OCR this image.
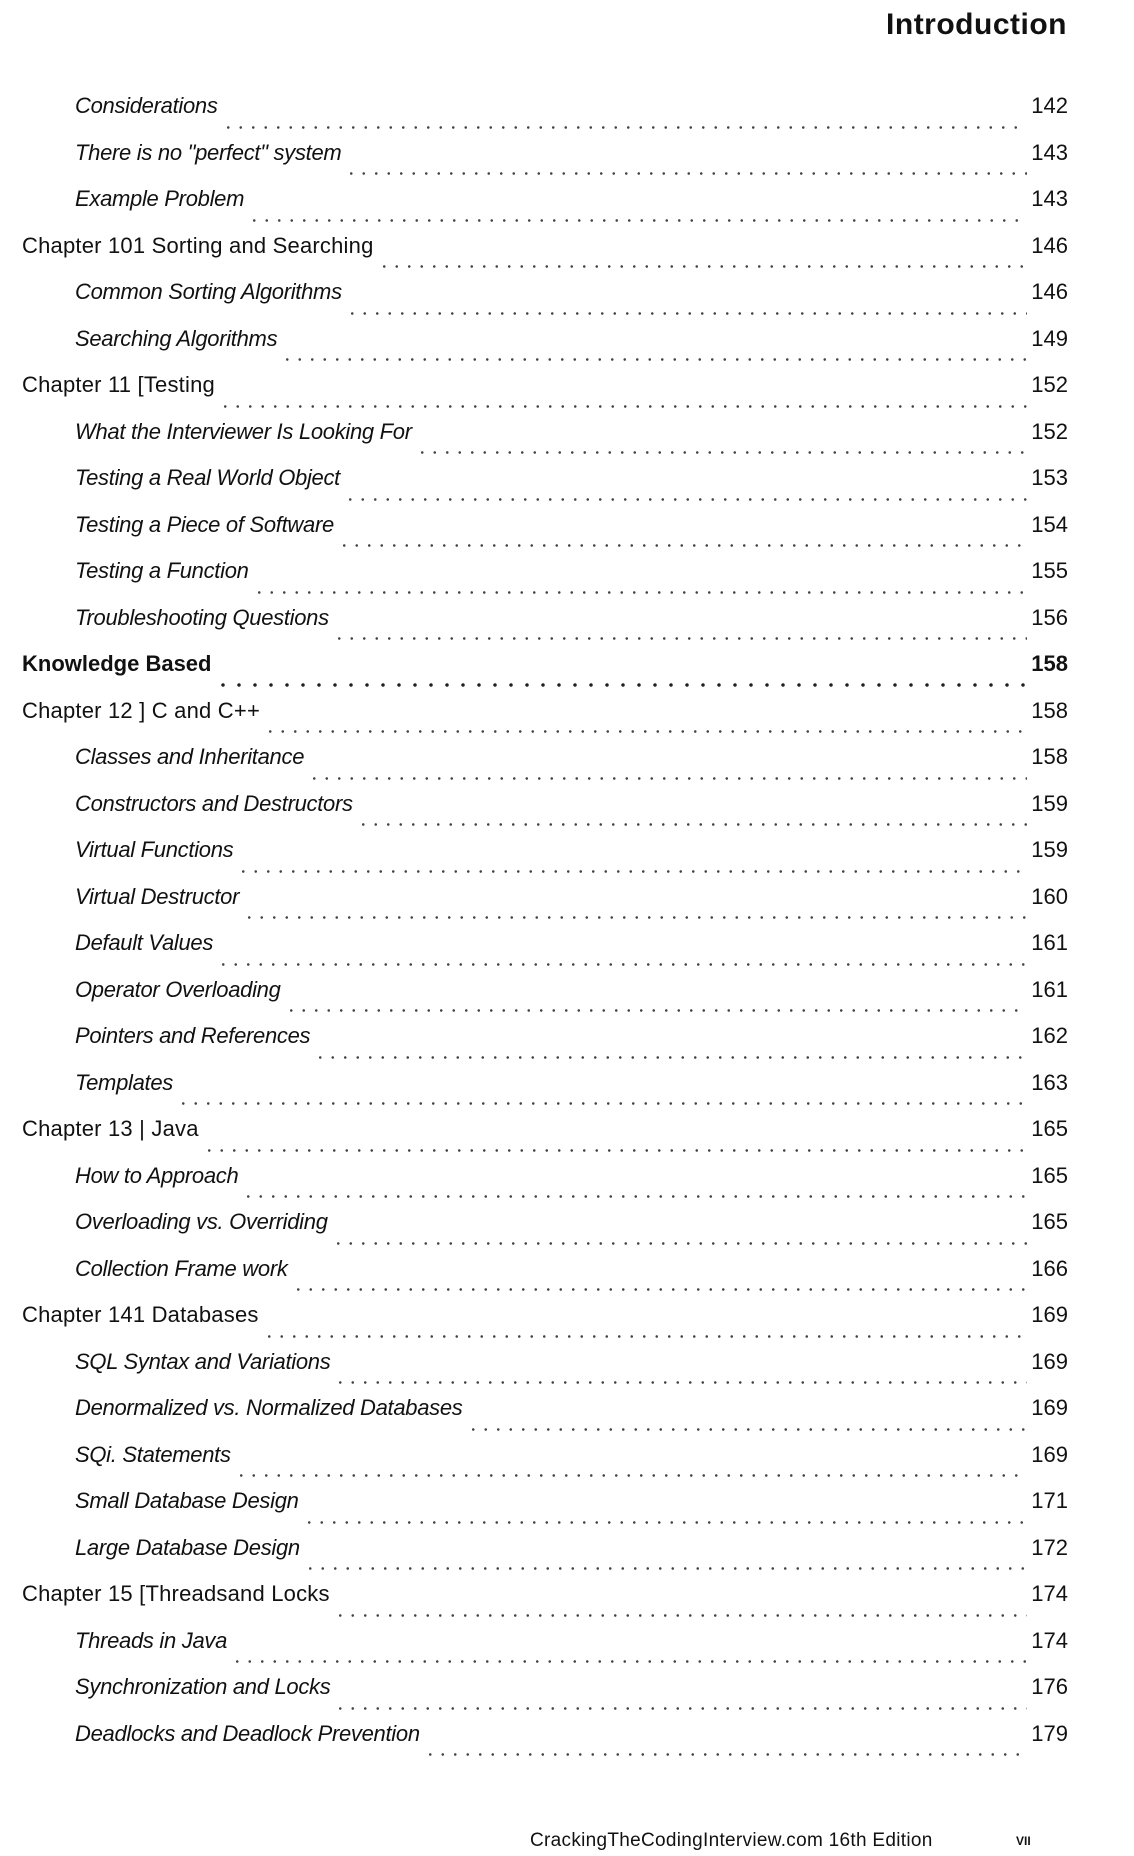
Introduction
Considerations	142
There is no "perfect" system	143
Example Problem	143
Chapter 101 Sorting and Searching	146
Common Sorting Algorithms	146
Searching Algorithms	149
Chapter 11 [Testing	152
What the Interviewer Is Looking For	152
Testing a Real World Object	153
Testing a Piece of Software	154
Testing a Function	155
Troubleshooting Questions	156
Knowledge Based	158
Chapter 12 ] C and C++	158
Classes and Inheritance	158
Constructors and Destructors	159
Virtual Functions	159
Virtual Destructor	160
Default Values	161
Operator Overloading	161
Pointers and References	162
Templates	163
Chapter 13 | Java	165
How to Approach	165
Overloading vs. Overriding	165
Collection Frame work	166
Chapter 141 Databases	169
SQL Syntax and Variations	169
Denormalized vs. Normalized Databases	169
SQi. Statements	169
Small Database Design	171
Large Database Design	172
Chapter 15 [Threadsand Locks	174
Threads in Java	174
Synchronization and Locks	176
Deadlocks and Deadlock Prevention	179
CrackingTheCodingInterview.com 16th Edition	VII
